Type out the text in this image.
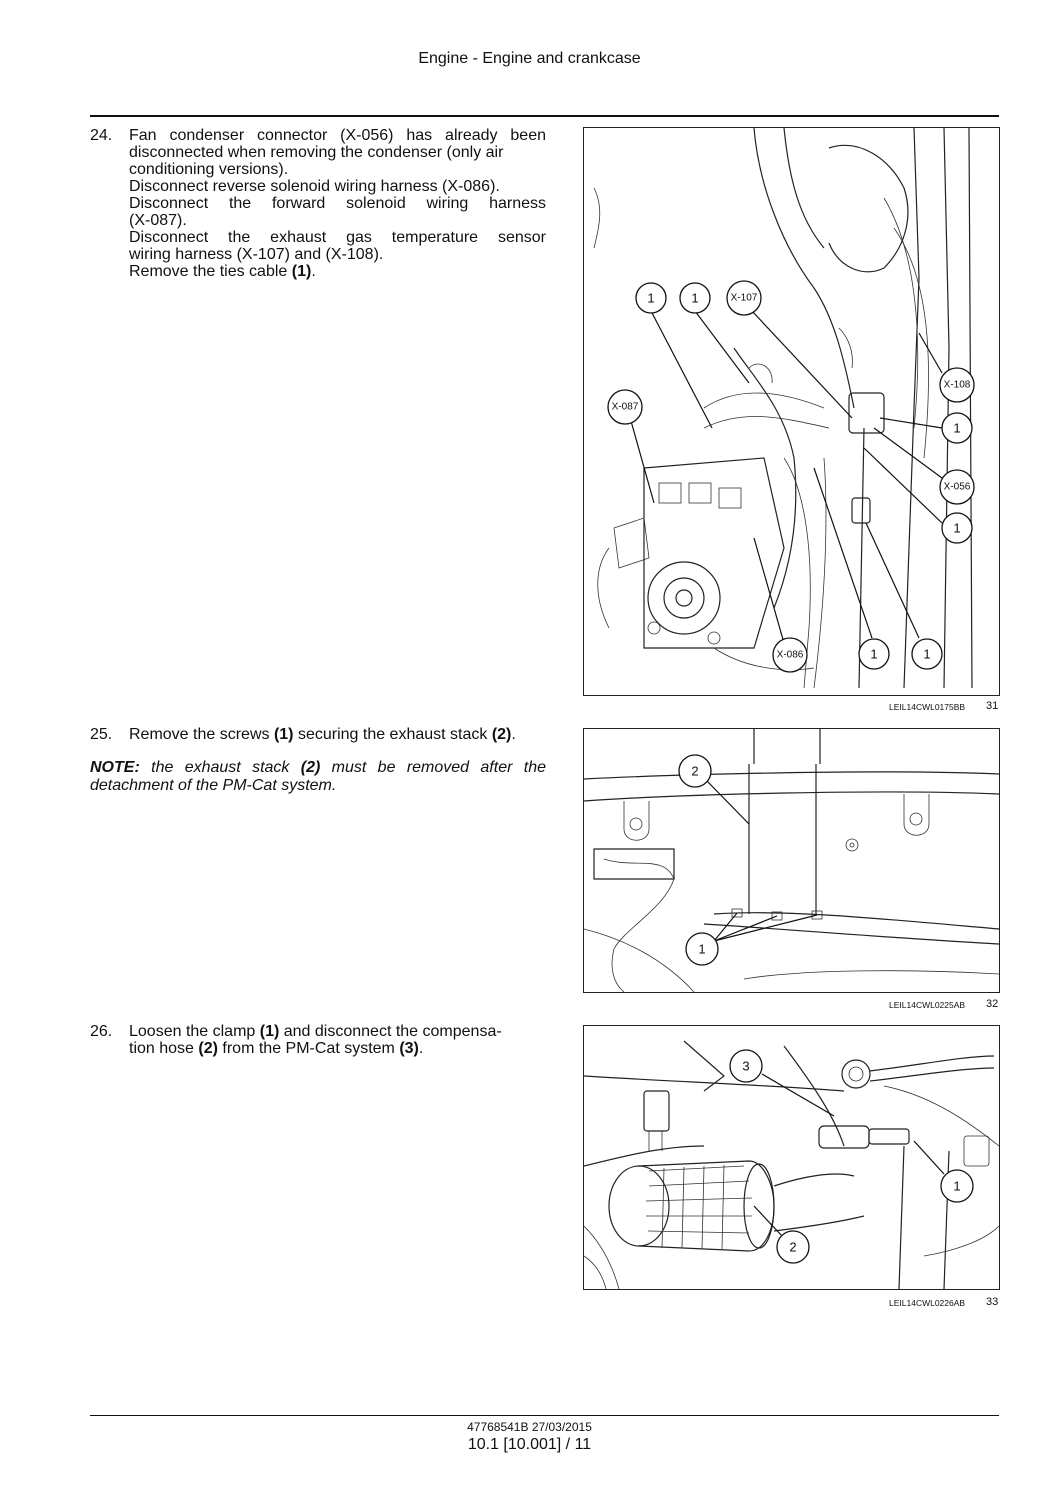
Engine - Engine and crankcase
24. Fan condenser connector (X-056) has already been
disconnected when removing the condenser (only air
conditioning versions).
Disconnect reverse solenoid wiring harness (X-086).
Disconnect the forward solenoid wiring harness
(X-087).
Disconnect the exhaust gas temperature sensor
wiring harness (X-107) and (X-108).
Remove the ties cable (1).
1	1	X-107
X-108
1
X-087
X-056
1
X-086	1	1
LEIL14CWL0175BB 31
25. Remove the screws (1) securing the exhaust stack (2).
NOTE: the exhaust stack (2) must be removed after the detachment of the PM-Cat system.
2
1
LEIL14CWL0225AB 32
26. Loosen the clamp (1) and disconnect the compensa-
tion hose (2) from the PM-Cat system (3).
3
1
2
LEIL14CWL0226AB 33
47768541B 27/03/2015
10.1 [10.001] / 11
